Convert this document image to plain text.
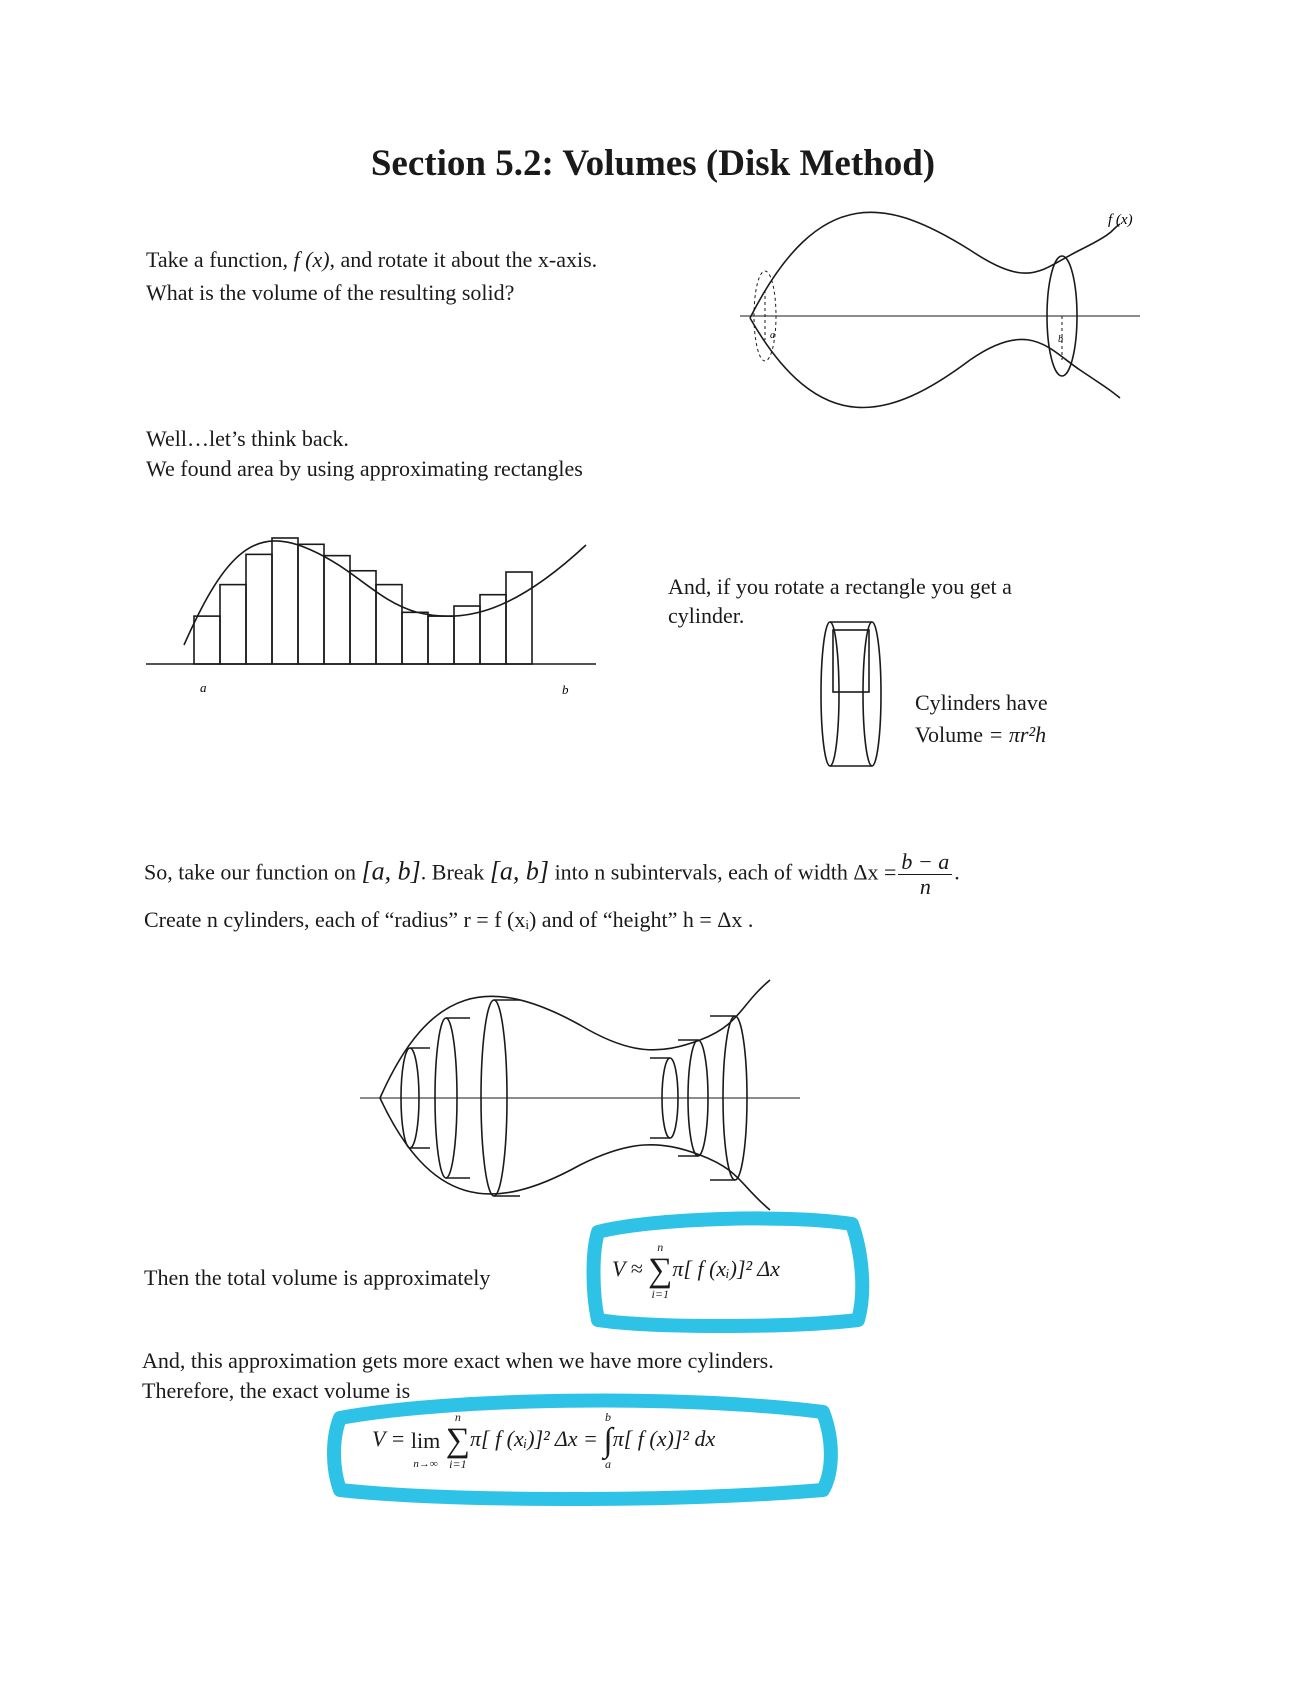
Section 5.2: Volumes (Disk Method)
Take a function, f (x), and rotate it about the x-axis.
What is the volume of the resulting solid?
f (x)
a	b
Well…let’s think back.
We found area by using approximating rectangles
a	b
And, if you rotate a rectangle you get a
cylinder.
Cylinders have
Volume = πr²h
So, take our function on [a, b]. Break [a, b] into n subintervals, each of width $\Delta x = \frac{b - a}{n}$ .
Create n cylinders, each of “radius” r = f (xᵢ) and of “height” h = Δx .
Then the total volume is approximately	V ≈
n
∑
i=1
π[ f (xᵢ)]² Δx
And, this approximation gets more exact when we have more cylinders.
Therefore, the exact volume is
V = lim
n→∞

n
∑
i=1
π[ f (xᵢ)]² Δx =
b
∫
a
π[ f (x)]² dx
